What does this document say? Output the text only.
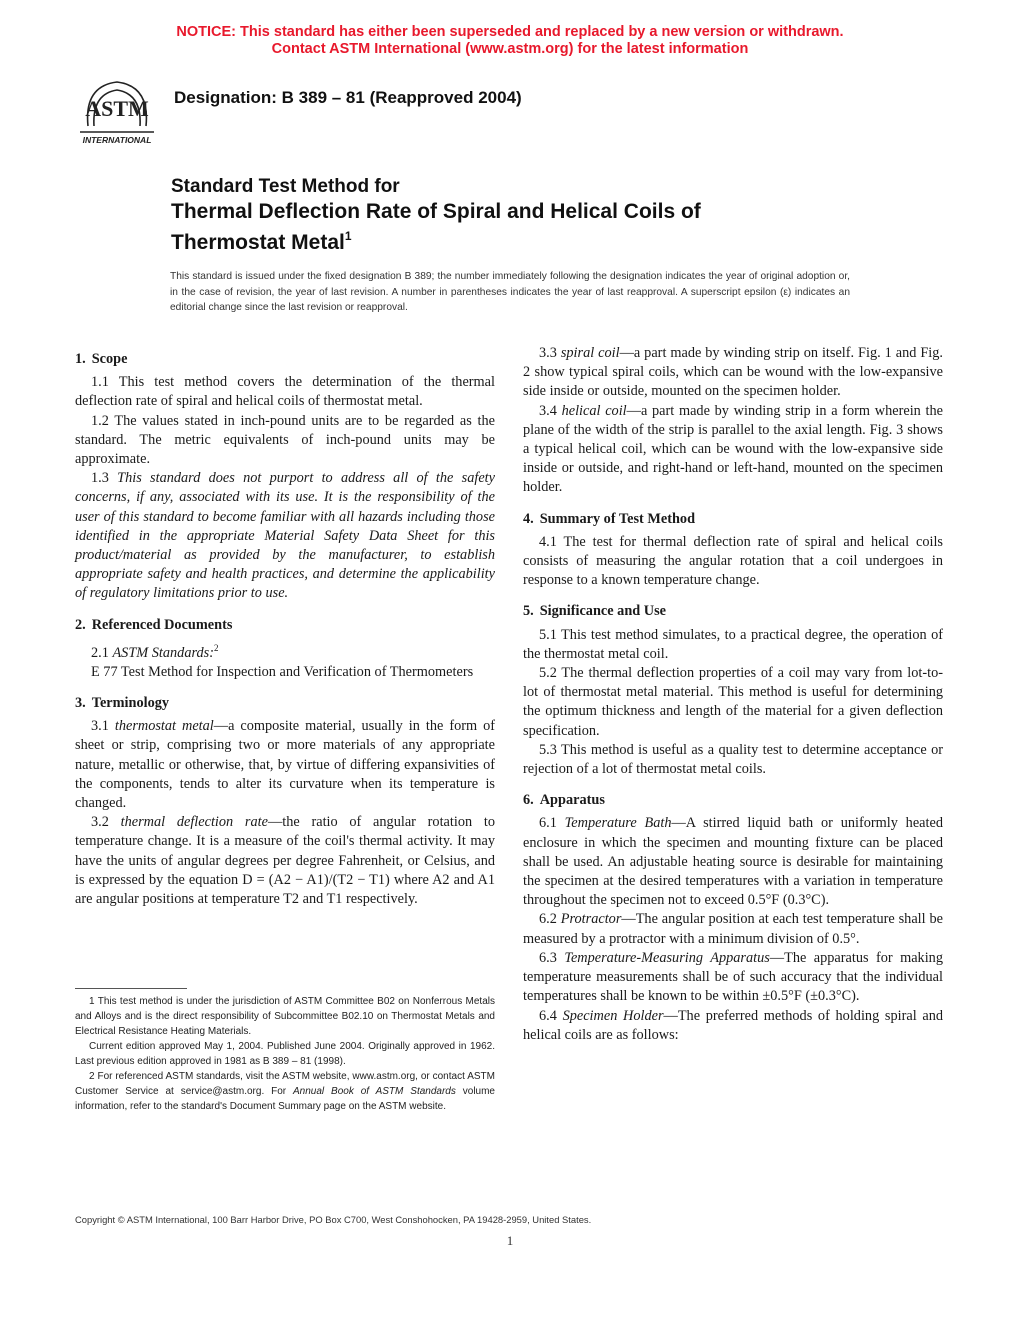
NOTICE: This standard has either been superseded and replaced by a new version or withdrawn.
Contact ASTM International (www.astm.org) for the latest information
ASTM
INTERNATIONAL
Designation: B 389 – 81 (Reapproved 2004)
Standard Test Method for
Thermal Deflection Rate of Spiral and Helical Coils of
Thermostat Metal$^1$
This standard is issued under the fixed designation B 389; the number immediately following the designation indicates the year of original adoption or, in the case of revision, the year of last revision. A number in parentheses indicates the year of last reapproval. A superscript epsilon (ε) indicates an editorial change since the last revision or reapproval.
1. Scope

1.1 This test method covers the determination of the thermal deflection rate of spiral and helical coils of thermostat metal.

1.2 The values stated in inch-pound units are to be regarded as the standard. The metric equivalents of inch-pound units may be approximate.

1.3 This standard does not purport to address all of the safety concerns, if any, associated with its use. It is the responsibility of the user of this standard to become familiar with all hazards including those identified in the appropriate Material Safety Data Sheet for this product/material as provided by the manufacturer, to establish appropriate safety and health practices, and determine the applicability of regulatory limitations prior to use.

2. Referenced Documents

2.1 ASTM Standards:$^2$

E 77 Test Method for Inspection and Verification of Thermometers

3. Terminology

3.1 thermostat metal—a composite material, usually in the form of sheet or strip, comprising two or more materials of any appropriate nature, metallic or otherwise, that, by virtue of differing expansivities of the components, tends to alter its curvature when its temperature is changed.

3.2 thermal deflection rate—the ratio of angular rotation to temperature change. It is a measure of the coil's thermal activity. It may have the units of angular degrees per degree Fahrenheit, or Celsius, and is expressed by the equation D = (A2 − A1)/(T2 − T1) where A2 and A1 are angular positions at temperature T2 and T1 respectively.

1 This test method is under the jurisdiction of ASTM Committee B02 on Nonferrous Metals and Alloys and is the direct responsibility of Subcommittee B02.10 on Thermostat Metals and Electrical Resistance Heating Materials.

Current edition approved May 1, 2004. Published June 2004. Originally approved in 1962. Last previous edition approved in 1981 as B 389 – 81 (1998).

2 For referenced ASTM standards, visit the ASTM website, www.astm.org, or contact ASTM Customer Service at service@astm.org. For Annual Book of ASTM Standards volume information, refer to the standard's Document Summary page on the ASTM website.

3.3 spiral coil—a part made by winding strip on itself. Fig. 1 and Fig. 2 show typical spiral coils, which can be wound with the low-expansive side inside or outside, mounted on the specimen holder.

3.4 helical coil—a part made by winding strip in a form wherein the plane of the width of the strip is parallel to the axial length. Fig. 3 shows a typical helical coil, which can be wound with the low-expansive side inside or outside, and right-hand or left-hand, mounted on the specimen holder.

4. Summary of Test Method

4.1 The test for thermal deflection rate of spiral and helical coils consists of measuring the angular rotation that a coil undergoes in response to a known temperature change.

5. Significance and Use

5.1 This test method simulates, to a practical degree, the operation of the thermostat metal coil.

5.2 The thermal deflection properties of a coil may vary from lot-to-lot of thermostat metal material. This method is useful for determining the optimum thickness and length of the material for a given deflection specification.

5.3 This method is useful as a quality test to determine acceptance or rejection of a lot of thermostat metal coils.

6. Apparatus

6.1 Temperature Bath—A stirred liquid bath or uniformly heated enclosure in which the specimen and mounting fixture can be placed shall be used. An adjustable heating source is desirable for maintaining the specimen at the desired temperatures with a variation in temperature throughout the specimen not to exceed 0.5°F (0.3°C).

6.2 Protractor—The angular position at each test temperature shall be measured by a protractor with a minimum division of 0.5°.

6.3 Temperature-Measuring Apparatus—The apparatus for making temperature measurements shall be of such accuracy that the individual temperatures shall be known to be within ±0.5°F (±0.3°C).

6.4 Specimen Holder—The preferred methods of holding spiral and helical coils are as follows:

Copyright © ASTM International, 100 Barr Harbor Drive, PO Box C700, West Conshohocken, PA 19428-2959, United States.
1
